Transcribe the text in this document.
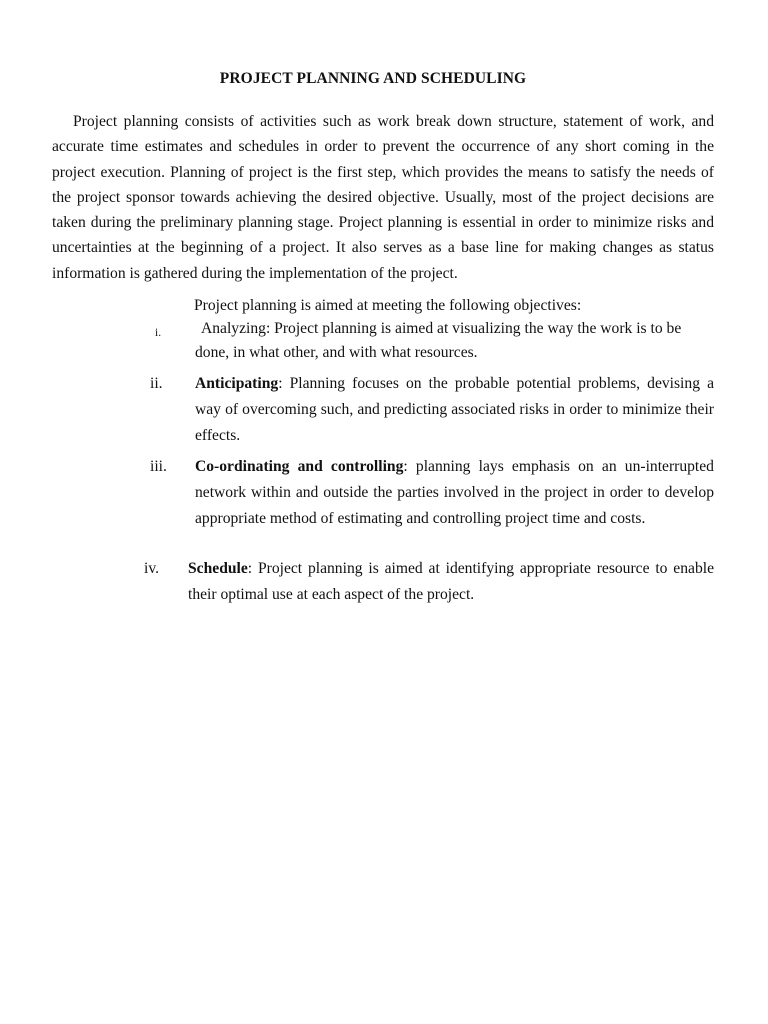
PROJECT PLANNING AND SCHEDULING

Project planning consists of activities such as work break down structure, statement of work, and accurate time estimates and schedules in order to prevent the occurrence of any short coming in the project execution. Planning of project is the first step, which provides the means to satisfy the needs of the project sponsor towards achieving the desired objective. Usually, most of the project decisions are taken during the preliminary planning stage. Project planning is essential in order to minimize risks and uncertainties at the beginning of a project. It also serves as a base line for making changes as status information is gathered during the implementation of the project.

Project planning is aimed at meeting the following objectives:

i.	Analyzing: Project planning is aimed at visualizing the way the work is to be
done, in what other, and with what resources.
ii. Anticipating: Planning focuses on the probable potential problems, devising a way of overcoming such, and predicting associated risks in order to minimize their effects.

iii. Co-ordinating and controlling: planning lays emphasis on an un-interrupted network within and outside the parties involved in the project in order to develop appropriate method of estimating and controlling project time and costs.

iv. Schedule: Project planning is aimed at identifying appropriate resource to enable their optimal use at each aspect of the project.
